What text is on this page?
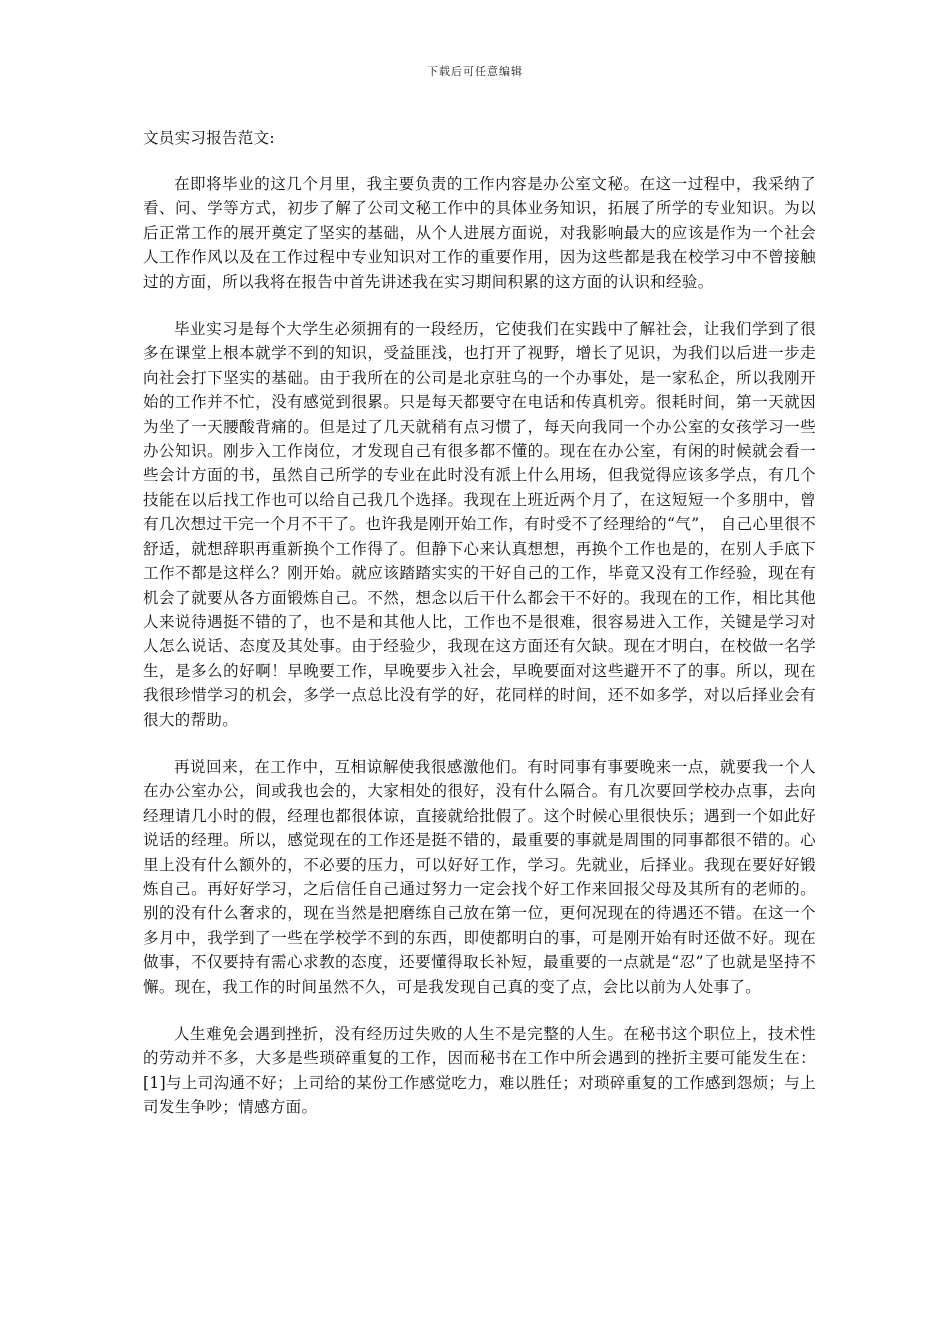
下载后可任意编辑
文员实习报告范文:

在即将毕业的这几个月里，我主要负责的工作内容是办公室文秘。在这一过程中，我采纳了看、问、学等方式，初步了解了公司文秘工作中的具体业务知识，拓展了所学的专业知识。为以后正常工作的展开奠定了坚实的基础，从个人进展方面说，对我影响最大的应该是作为一个社会人工作作风以及在工作过程中专业知识对工作的重要作用，因为这些都是我在校学习中不曾接触过的方面，所以我将在报告中首先讲述我在实习期间积累的这方面的认识和经验。

毕业实习是每个大学生必须拥有的一段经历，它使我们在实践中了解社会，让我们学到了很多在课堂上根本就学不到的知识，受益匪浅，也打开了视野，增长了见识，为我们以后进一步走向社会打下坚实的基础。由于我所在的公司是北京驻乌的一个办事处，是一家私企，所以我刚开始的工作并不忙，没有感觉到很累。只是每天都要守在电话和传真机旁。很耗时间，第一天就因为坐了一天腰酸背痛的。但是过了几天就稍有点习惯了，每天向我同一个办公室的女孩学习一些办公知识。刚步入工作岗位，才发现自己有很多都不懂的。现在在办公室，有闲的时候就会看一些会计方面的书，虽然自己所学的专业在此时没有派上什么用场，但我觉得应该多学点，有几个技能在以后找工作也可以给自己我几个选择。我现在上班近两个月了，在这短短一个多朋中，曾有几次想过干完一个月不干了。也许我是刚开始工作，有时受不了经理给的“气”， 自己心里很不舒适，就想辞职再重新换个工作得了。但静下心来认真想想，再换个工作也是的，在别人手底下工作不都是这样么？刚开始。就应该踏踏实实的干好自己的工作，毕竟又没有工作经验，现在有机会了就要从各方面锻炼自己。不然，想念以后干什么都会干不好的。我现在的工作，相比其他人来说待遇挺不错的了，也不是和其他人比，工作也不是很难，很容易进入工作，关键是学习对人怎么说话、态度及其处事。由于经验少，我现在这方面还有欠缺。现在才明白，在校做一名学生，是多么的好啊！早晚要工作，早晚要步入社会，早晚要面对这些避开不了的事。所以，现在我很珍惜学习的机会，多学一点总比没有学的好，花同样的时间，还不如多学，对以后择业会有很大的帮助。

再说回来，在工作中，互相谅解使我很感激他们。有时同事有事要晚来一点，就要我一个人在办公室办公，间或我也会的，大家相处的很好，没有什么隔合。有几次要回学校办点事，去向经理请几小时的假，经理也都很体谅，直接就给批假了。这个时候心里很快乐；遇到一个如此好说话的经理。所以，感觉现在的工作还是挺不错的，最重要的事就是周围的同事都很不错的。心里上没有什么额外的，不必要的压力，可以好好工作，学习。先就业，后择业。我现在要好好锻炼自己。再好好学习，之后信任自己通过努力一定会找个好工作来回报父母及其所有的老师的。别的没有什么奢求的，现在当然是把磨练自己放在第一位，更何况现在的待遇还不错。在这一个多月中，我学到了一些在学校学不到的东西，即使都明白的事，可是刚开始有时还做不好。现在做事，不仅要持有需心求教的态度，还要懂得取长补短，最重要的一点就是“忍”了也就是坚持不懈。现在，我工作的时间虽然不久，可是我发现自己真的变了点，会比以前为人处事了。

人生难免会遇到挫折，没有经历过失败的人生不是完整的人生。在秘书这个职位上，技术性的劳动并不多，大多是些琐碎重复的工作，因而秘书在工作中所会遇到的挫折主要可能发生在：[1]与上司沟通不好；上司给的某份工作感觉吃力，难以胜任；对琐碎重复的工作感到怨烦；与上司发生争吵；情感方面。
